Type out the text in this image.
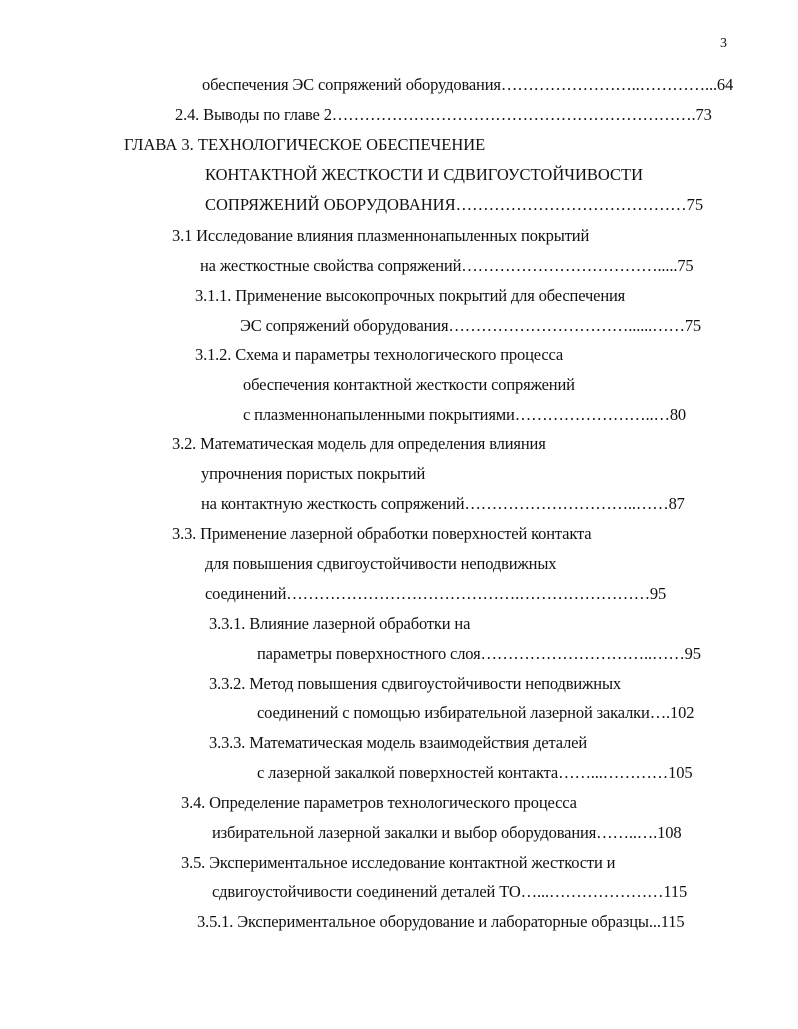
3
обеспечения ЭС сопряжений оборудования……………………..…………...64
2.4. Выводы по главе 2………………………………………………………….73
ГЛАВА 3. ТЕХНОЛОГИЧЕСКОЕ ОБЕСПЕЧЕНИЕ
КОНТАКТНОЙ ЖЕСТКОСТИ И СДВИГОУСТОЙЧИВОСТИ
СОПРЯЖЕНИЙ ОБОРУДОВАНИЯ……………………………………75
3.1 Исследование влияния плазменнонапыленных покрытий
на жесткостные свойства сопряжений……………………………….....75
3.1.1. Применение высокопрочных покрытий для обеспечения
ЭС сопряжений оборудования……………………………......……75
3.1.2. Схема и параметры технологического процесса
обеспечения контактной жесткости сопряжений
с плазменнонапыленными покрытиями……………………..…80
3.2. Математическая модель для определения влияния
упрочнения пористых покрытий
на контактную жесткость сопряжений…………………………..……87
3.3. Применение лазерной обработки поверхностей контакта
для повышения сдвигоустойчивости неподвижных
соединений…………………………………….……………………95
3.3.1. Влияние лазерной обработки на
параметры поверхностного слоя…………………………..……95
3.3.2. Метод повышения сдвигоустойчивости неподвижных
соединений с помощью избирательной лазерной закалки….102
3.3.3. Математическая модель взаимодействия деталей
с лазерной закалкой поверхностей контакта……...…………105
3.4. Определение параметров технологического процесса
избирательной лазерной закалки и выбор оборудования……..….108
3.5. Экспериментальное исследование контактной жесткости и
сдвигоустойчивости соединений деталей ТО…...…………………115
3.5.1. Экспериментальное оборудование и лабораторные образцы...115
